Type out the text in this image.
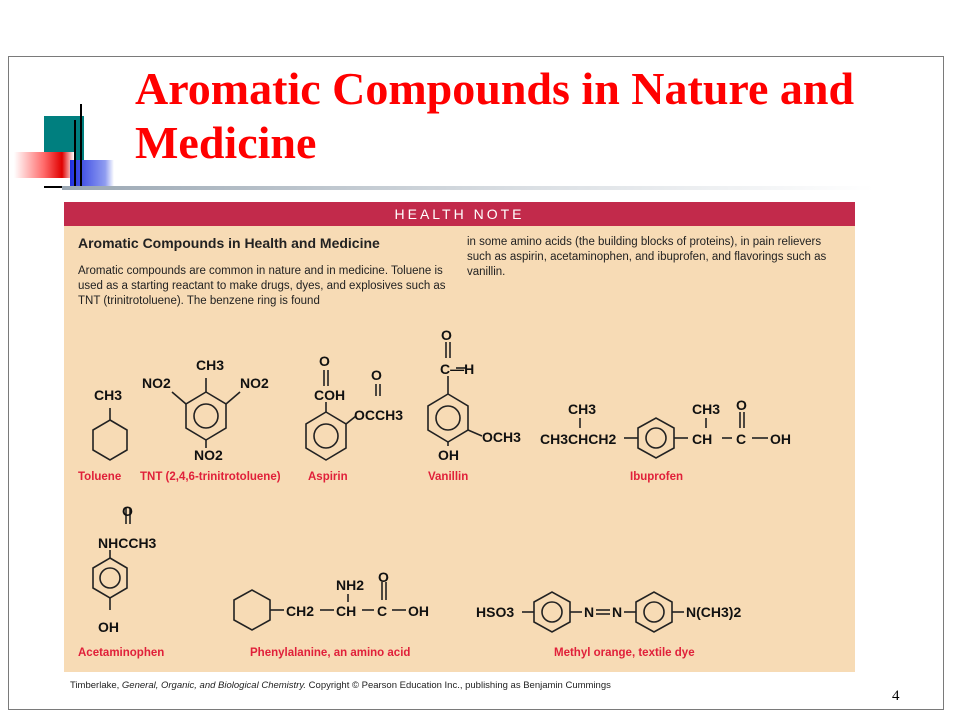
Aromatic Compounds in Nature and Medicine
HEALTH NOTE
Aromatic Compounds in Health and Medicine

Aromatic compounds are common in nature and in medicine. Toluene is used as a starting reactant to make drugs, dyes, and explosives such as TNT (trinitrotoluene). The benzene ring is found

in some amino acids (the building blocks of proteins), in pain relievers such as aspirin, acetaminophen, and ibuprofen, and flavorings such as vanillin.

CH3
Toluene
CH3
NO2	NO2
NO2
TNT (2,4,6-trinitrotoluene)
O
COH
O
OCCH3
Aspirin
O
C—H
OCH3
OH
Vanillin
CH3
CH3CHCH2
CH3 O
CH C OH
Ibuprofen
O
NHCCH3
OH
Acetaminophen
NH2 O
CH2 CH C OH
Phenylalanine, an amino acid
HSO3	N N	N(CH3)2
Methyl orange, textile dye
Timberlake, General, Organic, and Biological Chemistry. Copyright © Pearson Education Inc., publishing as Benjamin Cummings
4
